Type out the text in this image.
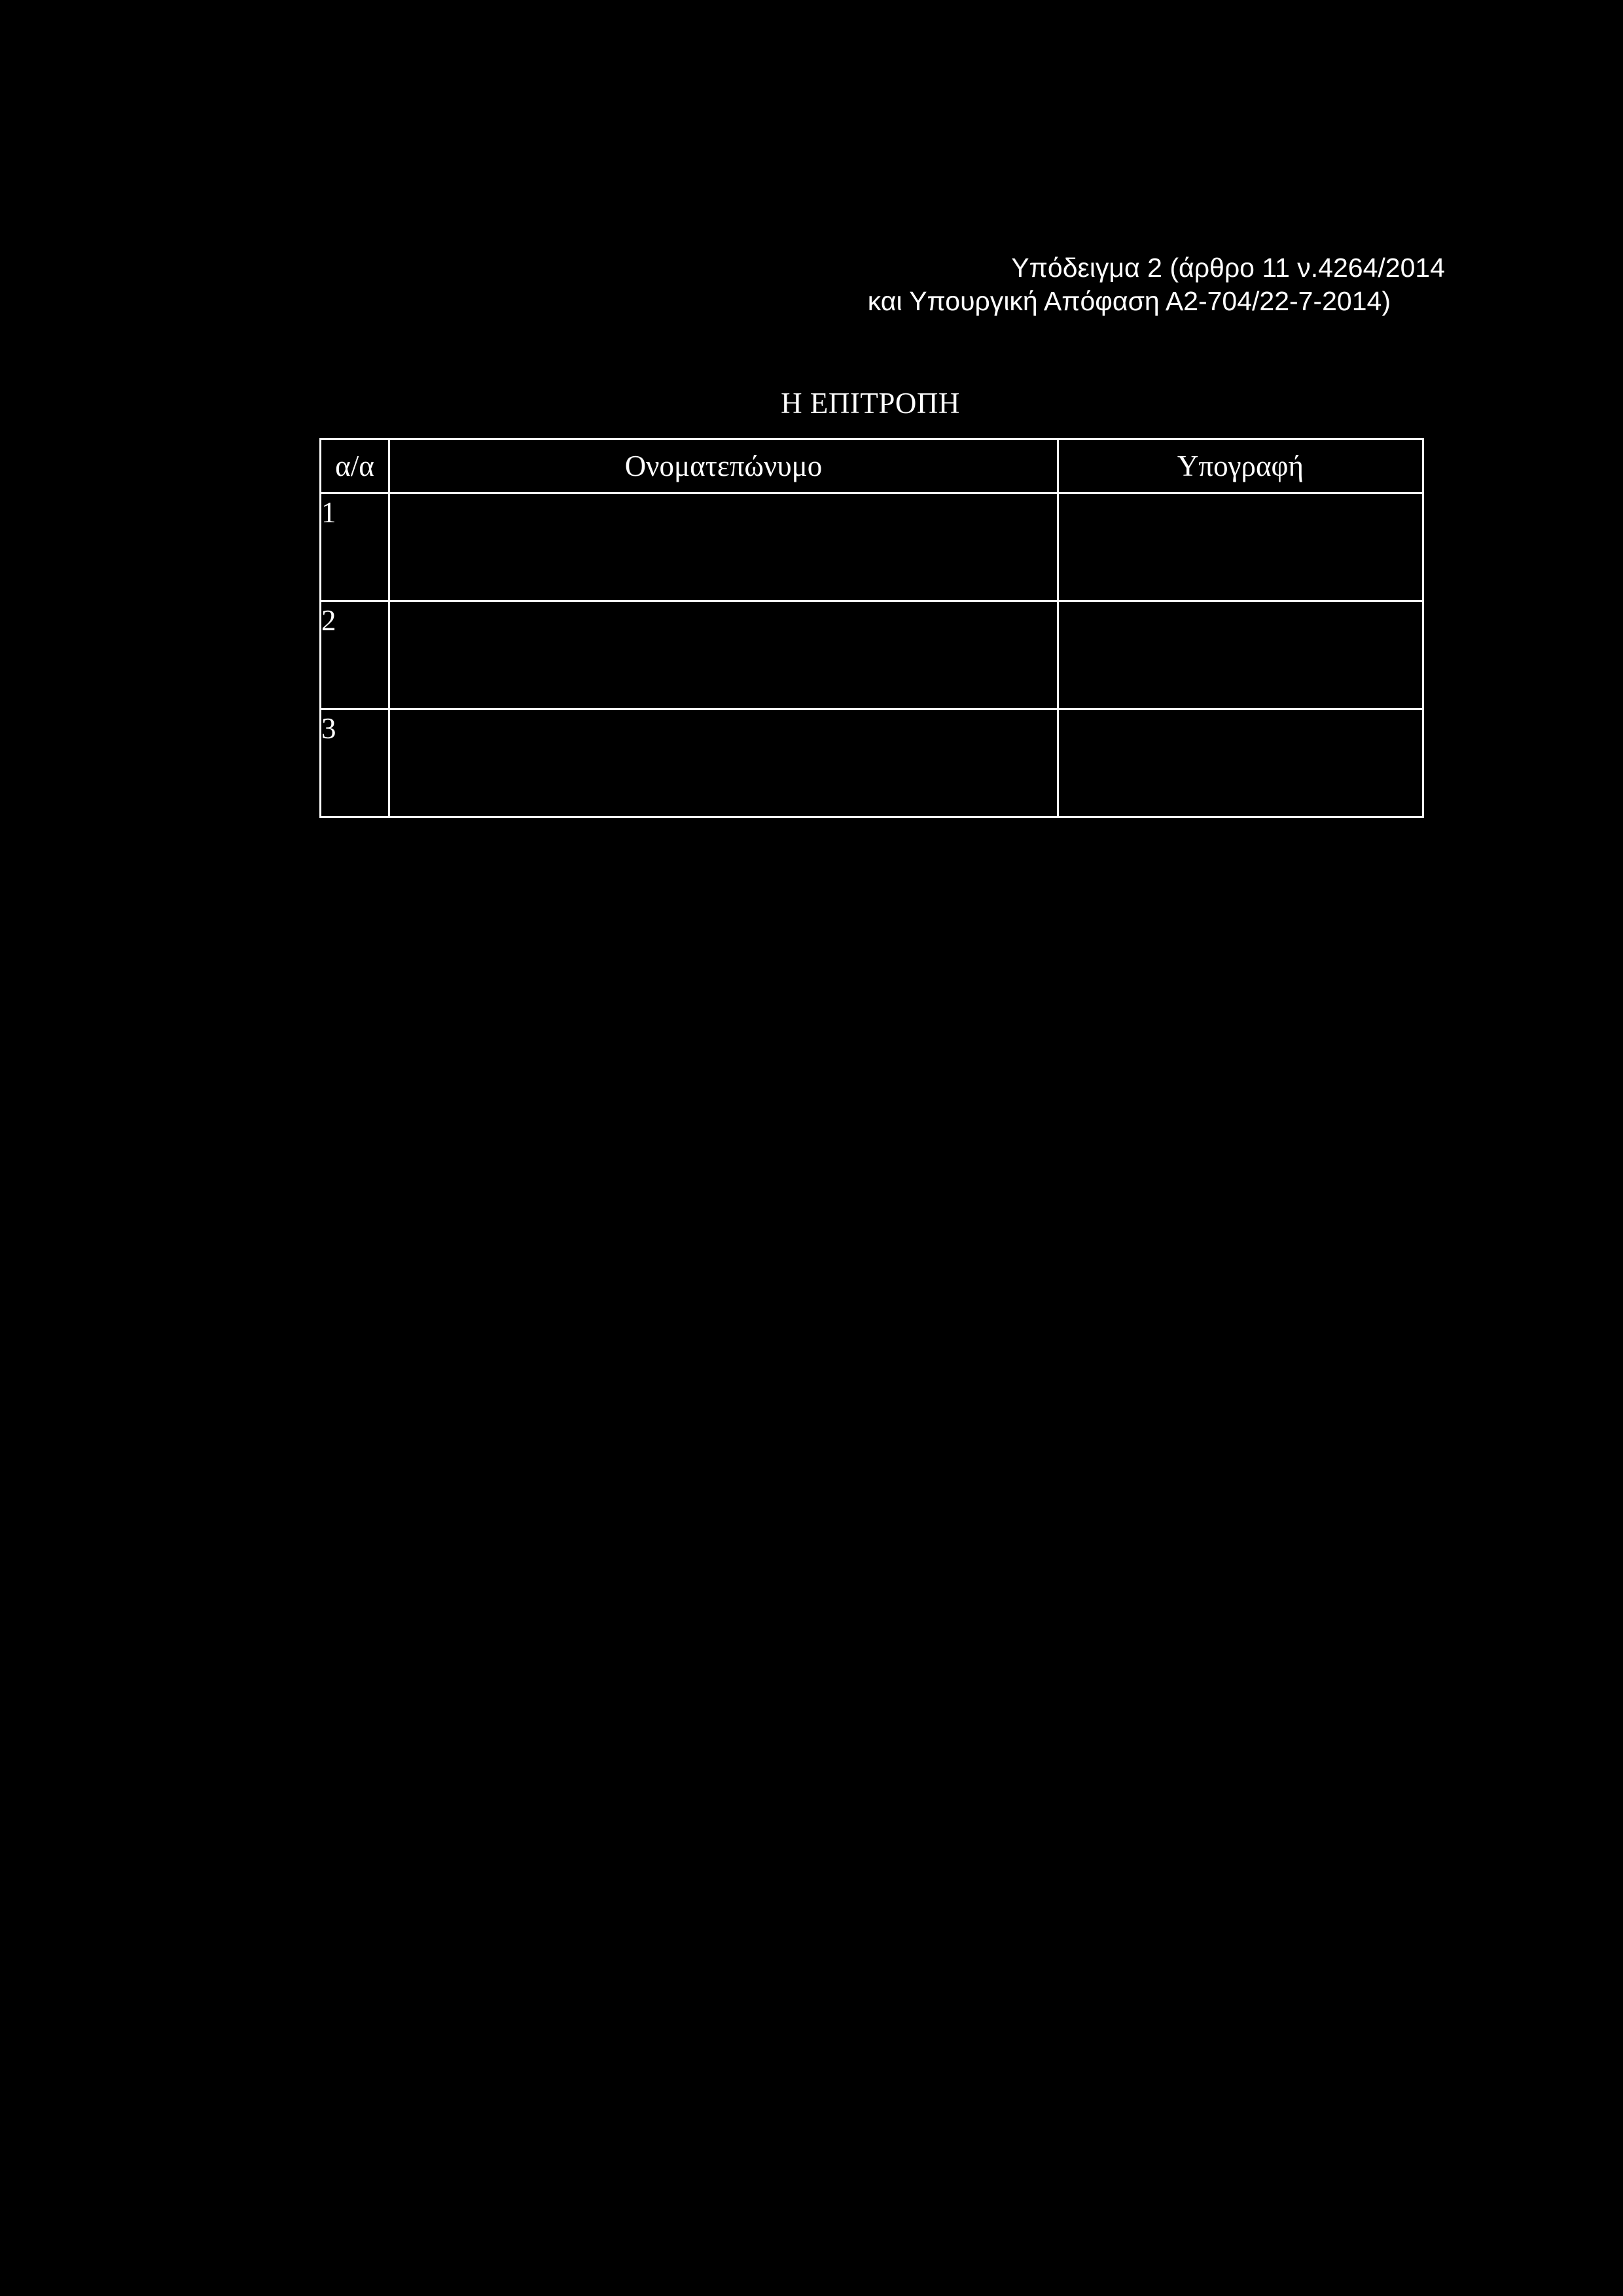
Υπόδειγμα 2 (άρθρο 11 ν.4264/2014
και Υπουργική Απόφαση Α2-704/22-7-2014)
Η ΕΠΙΤΡΟΠΗ
α/α	Ονοματεπώνυμο	Υπογραφή
1		
2		
3		
